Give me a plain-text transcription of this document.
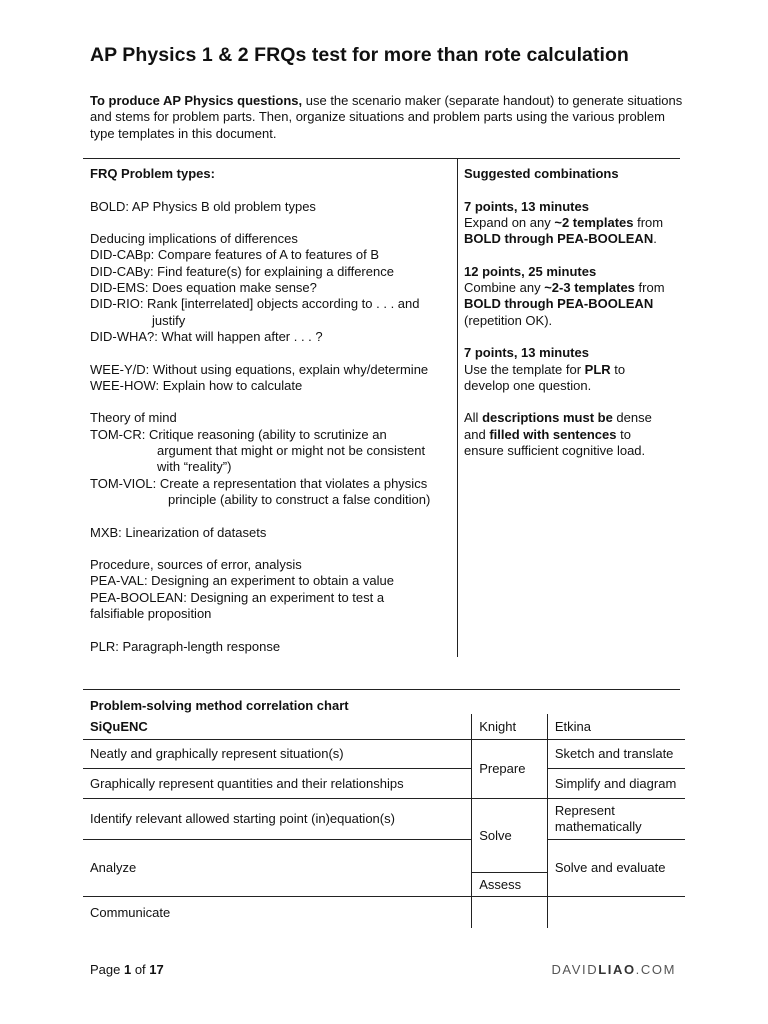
AP Physics 1 & 2 FRQs test for more than rote calculation
To produce AP Physics questions, use the scenario maker (separate handout) to generate situations and stems for problem parts. Then, organize situations and problem parts using the various problem type templates in this document.

FRQ Problem types:

BOLD: AP Physics B old problem types

Deducing implications of differences

DID-CABp: Compare features of A to features of B

DID-CABy: Find feature(s) for explaining a difference

DID-EMS: Does equation make sense?

DID-RIO: Rank [interrelated] objects according to . . . and

justify

DID-WHA?: What will happen after . . . ?

WEE-Y/D: Without using equations, explain why/determine

WEE-HOW: Explain how to calculate

Theory of mind

TOM-CR: Critique reasoning (ability to scrutinize an

argument that might or might not be consistent

with “reality”)

TOM-VIOL: Create a representation that violates a physics

principle (ability to construct a false condition)

MXB: Linearization of datasets

Procedure, sources of error, analysis

PEA-VAL: Designing an experiment to obtain a value

PEA-BOOLEAN: Designing an experiment to test a

falsifiable proposition

PLR: Paragraph-length response

Suggested combinations

7 points, 13 minutes

Expand on any ~2 templates from

BOLD through PEA-BOOLEAN.

12 points, 25 minutes

Combine any ~2-3 templates from

BOLD through PEA-BOOLEAN

(repetition OK).

7 points, 13 minutes

Use the template for PLR to

develop one question.

All descriptions must be dense

and filled with sentences to

ensure sufficient cognitive load.

Problem-solving method correlation chart
SiQuENC	Knight	Etkina
Neatly and graphically represent situation(s)	Prepare	Sketch and translate
Graphically represent quantities and their relationships		Simplify and diagram
Identify relevant allowed starting point (in)equation(s)	Solve	Represent mathematically
Analyze		Solve and evaluate
	Assess	
Communicate		
Page 1 of 17	DAVIDLIAO.COM
